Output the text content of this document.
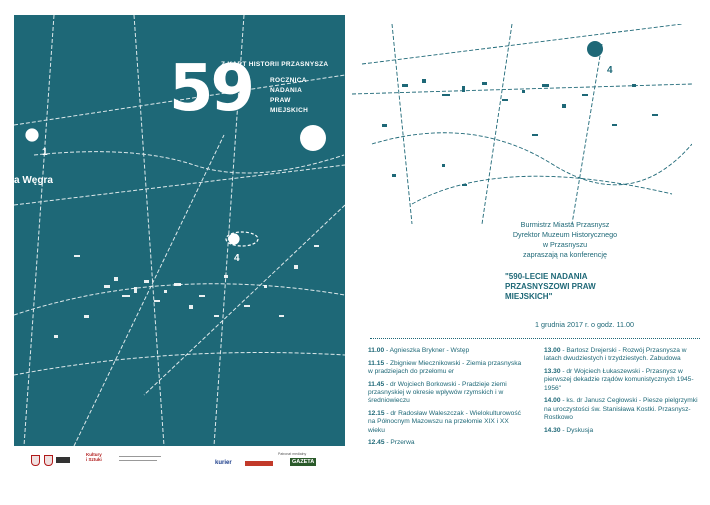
59
Z KART HISTORII PRZASNYSZA
ROCZNICA
NADANIA
PRAW
MIEJSKICH
1
a Węgra
4
4
Burmistrz Miasta Przasnysz
Dyrektor Muzeum Historycznego
w Przasnyszu
zapraszają na konferencję
"590-LECIE NADANIA
PRZASNYSZOWI PRAW
MIEJSKICH"
1 grudnia 2017 r. o godz. 11.00

11.00 - Agnieszka Brykner - Wstęp

11.15 - Zbigniew Miecznikowski - Ziemia przasnyska w pradziejach do przełomu er

11.45 - dr Wojciech Borkowski - Pradzieje ziemi przasnyskiej w okresie wpływów rzymskich i w średniowieczu

12.15 - dr Radosław Waleszczak - Wielokulturowość na Północnym Mazowszu na przełomie XIX i XX wieku

12.45 - Przerwa

13.00 - Bartosz Drejerski - Rozwój Przasnysza w latach dwudziestych i trzydziestych. Zabudowa

13.30 - dr Wojciech Łukaszewski - Przasnysz w pierwszej dekadzie rządów komunistycznych 1945-1956"

14.00 - ks. dr Janusz Cegłowski - Piesze pielgrzymki na uroczystości św. Stanisława Kostki. Przasnysz- Rostkowo

14.30 - Dyskusja

Kultury
i Sztuki
kurier
Patronat medialny
GAZETA
